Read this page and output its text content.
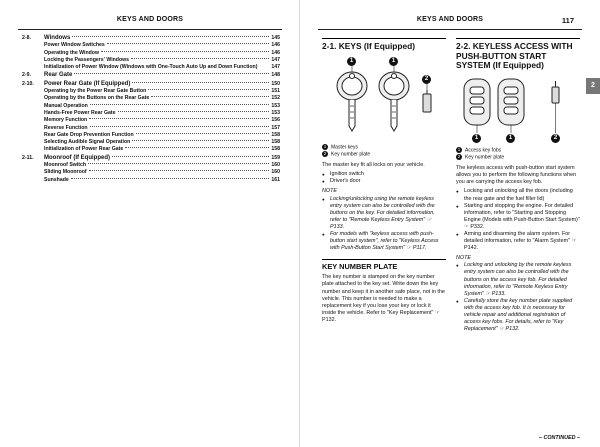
KEYS AND DOORS
2-8.	Windows	145
Power Window Switches	146
Operating the Window	146
Locking the Passengers' Windows	147
Initialization of Power Window (Windows with One-Touch Auto Up and Down Function)	147
2-9.	Rear Gate	148
2-10.	Power Rear Gate (If Equipped)	150
Operating by the Power Rear Gate Button	151
Operating by the Buttons on the Rear Gate	152
Manual Operation	153
Hands-Free Power Rear Gate	153
Memory Function	156
Reverse Function	157
Rear Gate Drop Prevention Function	158
Selecting Audible Signal Operation	158
Initialization of Power Rear Gate	158
2-11.	Moonroof (If Equipped)	159
Moonroof Switch	160
Sliding Moonroof	160
Sunshade	161
KEYS AND DOORS	117
2-1. KEYS (If Equipped)
1	1
2
1 Master keys
2 Key number plate

The master key fit all locks on your vehicle.

● Ignition switch
● Driver's door
NOTE
● Locking/unlocking using the remote keyless entry system can also be controlled with the buttons on the key. For detailed information, refer to "Remote Keyless Entry System" ☞ P133.
● For models with "keyless access with push-button start system", refer to "Keyless Access with Push-Button Start System" ☞ P117.
KEY NUMBER PLATE

The key number is stamped on the key number plate attached to the key set. Write down the key number and keep it in another safe place, not in the vehicle. This number is needed to make a replacement key if you lose your key or lock it inside the vehicle. Refer to "Key Replacement" ☞ P132.

2-2. KEYLESS ACCESS WITH PUSH-BUTTON START SYSTEM (If Equipped)
1	1	2
1 Access key fobs
2 Key number plate

The keyless access with push-button start system allows you to perform the following functions when you are carrying the access key fob.

● Locking and unlocking all the doors (including the rear gate and the fuel filler lid)
● Starting and stopping the engine. For detailed information, refer to "Starting and Stopping Engine (Models with Push-Button Start System)" ☞ P332.
● Arming and disarming the alarm system. For detailed information, refer to "Alarm System" ☞ P142.
NOTE
● Locking and unlocking by the remote keyless entry system can also be controlled with the buttons on the access key fob. For detailed information, refer to "Remote Keyless Entry System" ☞ P133.
● Carefully store the key number plate supplied with the access key fob. It is necessary for vehicle repair and additional registration of access key fobs. For details, refer to "Key Replacement" ☞ P132.
– CONTINUED –
2
